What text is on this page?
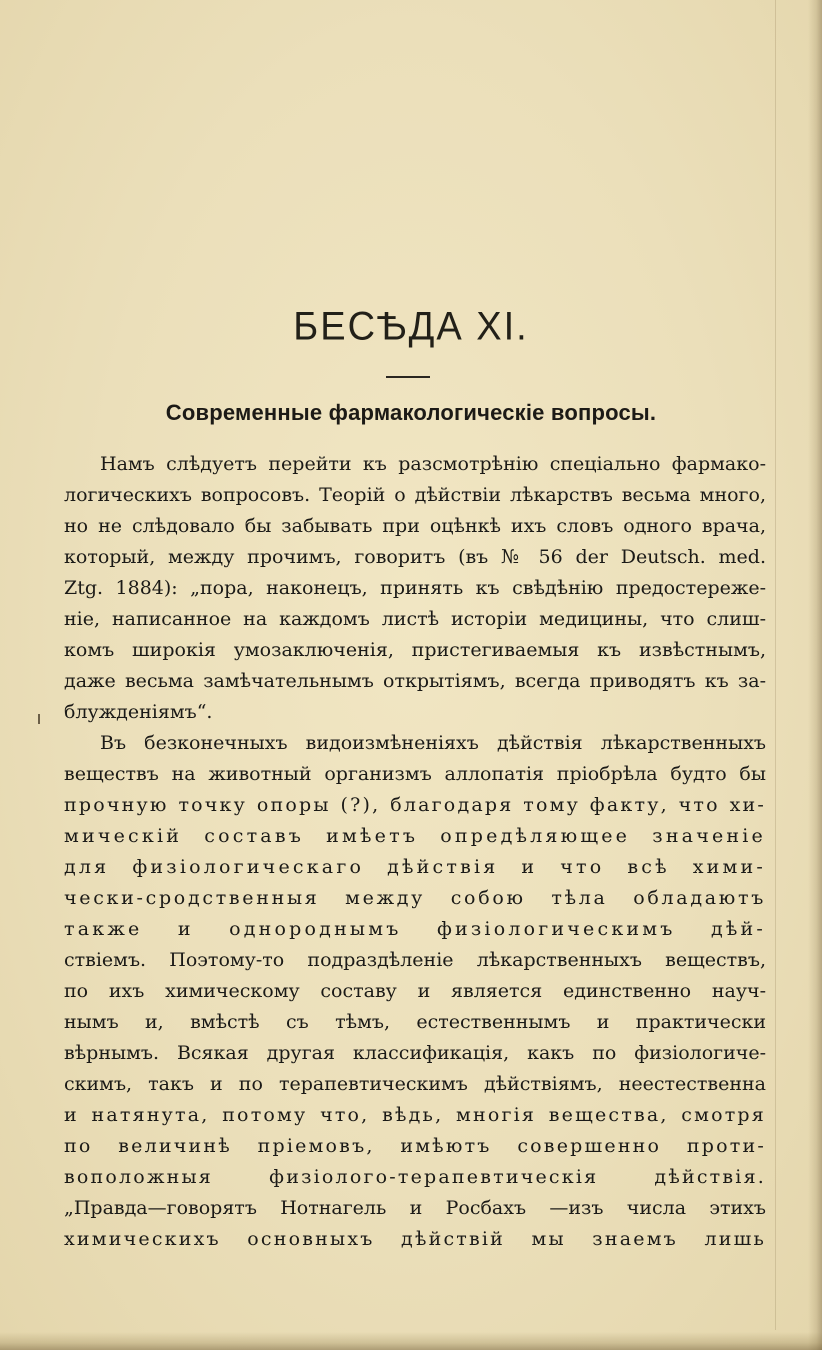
БЕСѢДА XI.
Современные фармакологическіе вопросы.
Намъ слѣдуетъ перейти къ разсмотрѣнію спеціально фармако-
логическихъ вопросовъ. Теорій о дѣйствіи лѣкарствъ весьма много,
но не слѣдовало бы забывать при оцѣнкѣ ихъ словъ одного врача,
который, между прочимъ, говоритъ (въ № 56 der Deutsch. med.
Ztg. 1884): „пора, наконецъ, принять къ свѣдѣнію предостереже-
ніе, написанное на каждомъ листѣ исторіи медицины, что слиш-
комъ широкія умозаключенія, пристегиваемыя къ извѣстнымъ,
даже весьма замѣчательнымъ открытіямъ, всегда приводятъ къ за-
блужденіямъ“.
Въ безконечныхъ видоизмѣненіяхъ дѣйствія лѣкарственныхъ
веществъ на животный организмъ аллопатія пріобрѣла будто бы
прочную точку опоры (?), благодаря тому факту, что хи-
мическій составъ имѣетъ опредѣляющее значеніе
для физіологическаго дѣйствія и что всѣ хими-
чески-сродственныя между собою тѣла обладаютъ
также и однороднымъ физіологическимъ дѣй-
ствіемъ. Поэтому-то подраздѣленіе лѣкарственныхъ веществъ,
по ихъ химическому составу и является единственно науч-
нымъ и, вмѣстѣ съ тѣмъ, естественнымъ и практически
вѣрнымъ. Всякая другая классификація, какъ по физіологиче-
скимъ, такъ и по терапевтическимъ дѣйствіямъ, неестественна
и натянута, потому что, вѣдь, многія вещества, смотря
по величинѣ пріемовъ, имѣютъ совершенно проти-
воположныя физіолого-терапевтическія дѣйствія.
„Правда—говорятъ Нотнагель и Росбахъ —изъ числа этихъ
химическихъ основныхъ дѣйствій мы знаемъ лишь
